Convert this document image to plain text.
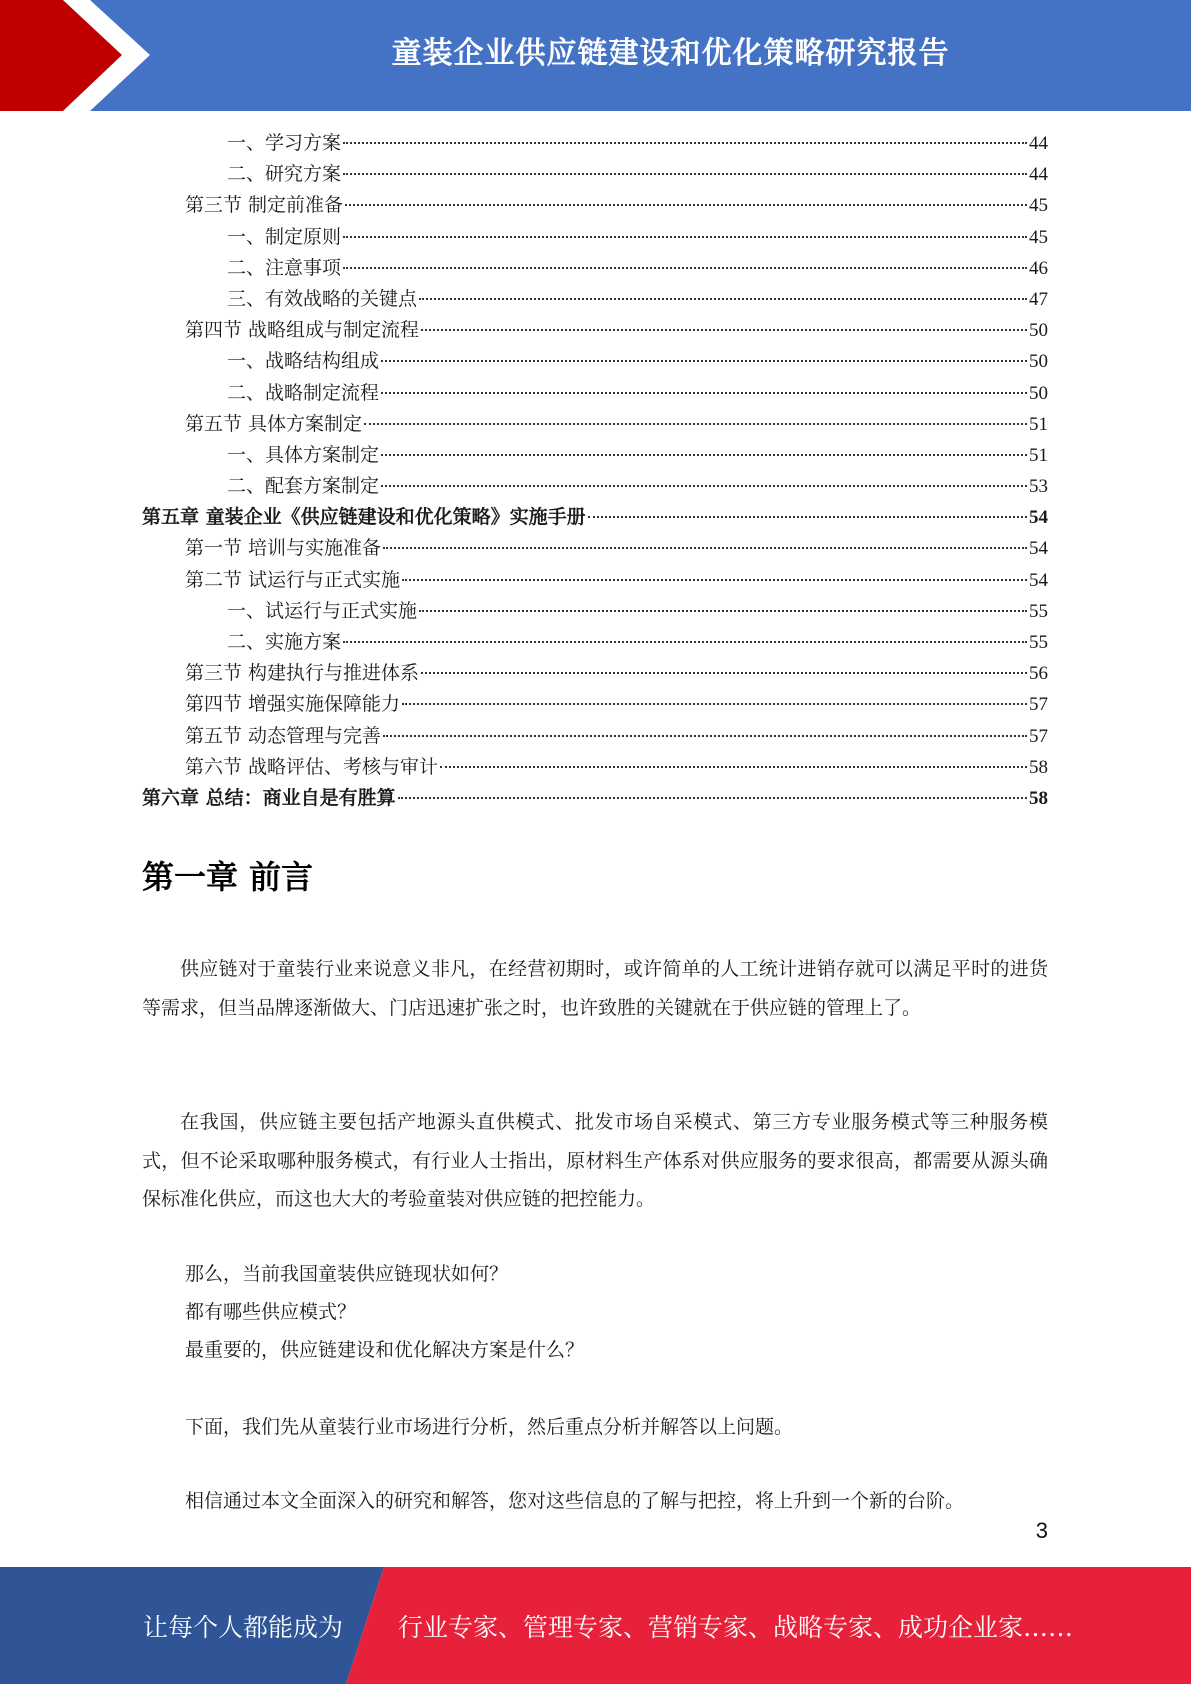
童装企业供应链建设和优化策略研究报告
一、学习方案	44
二、研究方案	44
第三节 制定前准备	45
一、制定原则	45
二、注意事项	46
三、有效战略的关键点	47
第四节 战略组成与制定流程	50
一、战略结构组成	50
二、战略制定流程	50
第五节 具体方案制定	51
一、具体方案制定	51
二、配套方案制定	53
第五章 童装企业《供应链建设和优化策略》实施手册	54
第一节 培训与实施准备	54
第二节 试运行与正式实施	54
一、试运行与正式实施	55
二、实施方案	55
第三节 构建执行与推进体系	56
第四节 增强实施保障能力	57
第五节 动态管理与完善	57
第六节 战略评估、考核与审计	58
第六章 总结：商业自是有胜算	58
第一章 前言

供应链对于童装行业来说意义非凡，在经营初期时，或许简单的人工统计进销存就可以满足平时的进货等需求，但当品牌逐渐做大、门店迅速扩张之时，也许致胜的关键就在于供应链的管理上了。

在我国，供应链主要包括产地源头直供模式、批发市场自采模式、第三方专业服务模式等三种服务模式，但不论采取哪种服务模式，有行业人士指出，原材料生产体系对供应服务的要求很高，都需要从源头确保标准化供应，而这也大大的考验童装对供应链的把控能力。

那么，当前我国童装供应链现状如何？
都有哪些供应模式？
最重要的，供应链建设和优化解决方案是什么？
下面，我们先从童装行业市场进行分析，然后重点分析并解答以上问题。
相信通过本文全面深入的研究和解答，您对这些信息的了解与把控，将上升到一个新的台阶。
3
让每个人都能成为 行业专家、管理专家、营销专家、战略专家、成功企业家……
